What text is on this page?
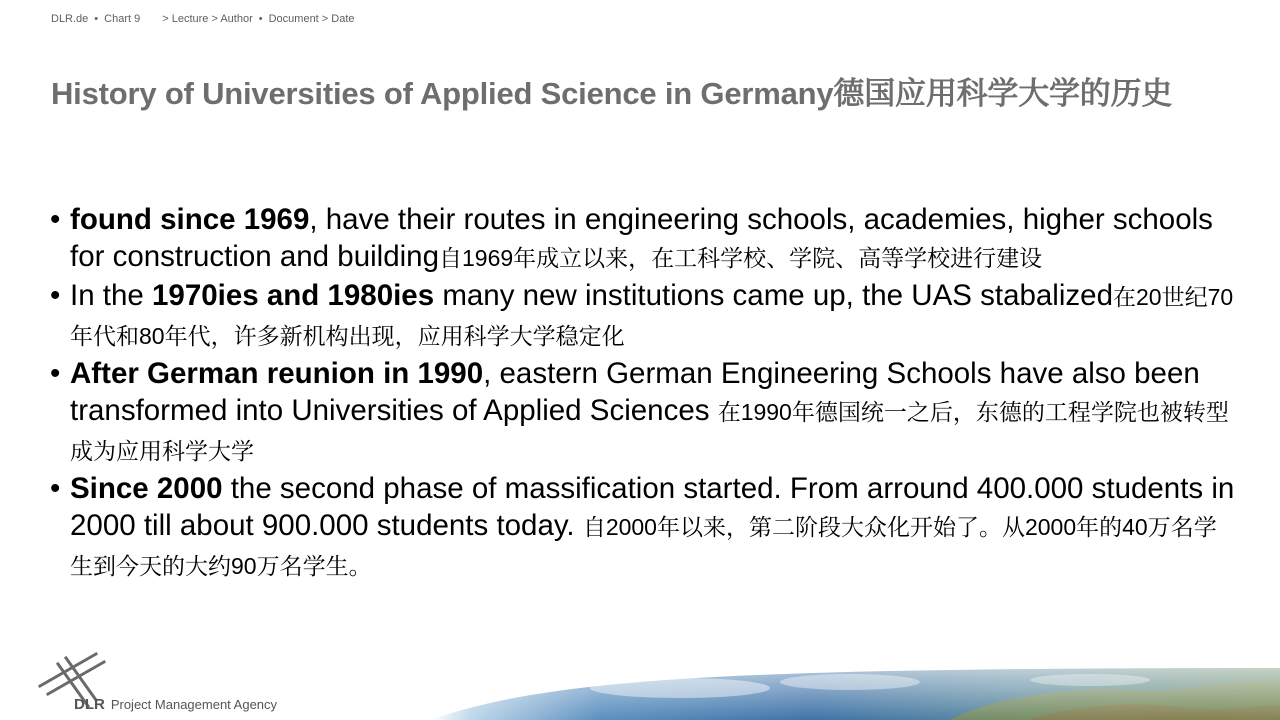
DLR.de • Chart 9 > Lecture > Author • Document > Date
History of Universities of Applied Science in Germany德国应用科学大学的历史
• found since 1969, have their routes in engineering schools, academies, higher schools for construction and building自1969年成立以来，在工科学校、学院、高等学校进行建设
• In the 1970ies and 1980ies many new institutions came up, the UAS stabalized在20世纪70年代和80年代，许多新机构出现，应用科学大学稳定化
• After German reunion in 1990, eastern German Engineering Schools have also been transformed into Universities of Applied Sciences 在1990年德国统一之后，东德的工程学院也被转型成为应用科学大学
• Since 2000 the second phase of massification started. From arround 400.000 students in 2000 till about 900.000 students today. 自2000年以来，第二阶段大众化开始了。从2000年的40万名学生到今天的大约90万名学生。
DLR Project Management Agency
